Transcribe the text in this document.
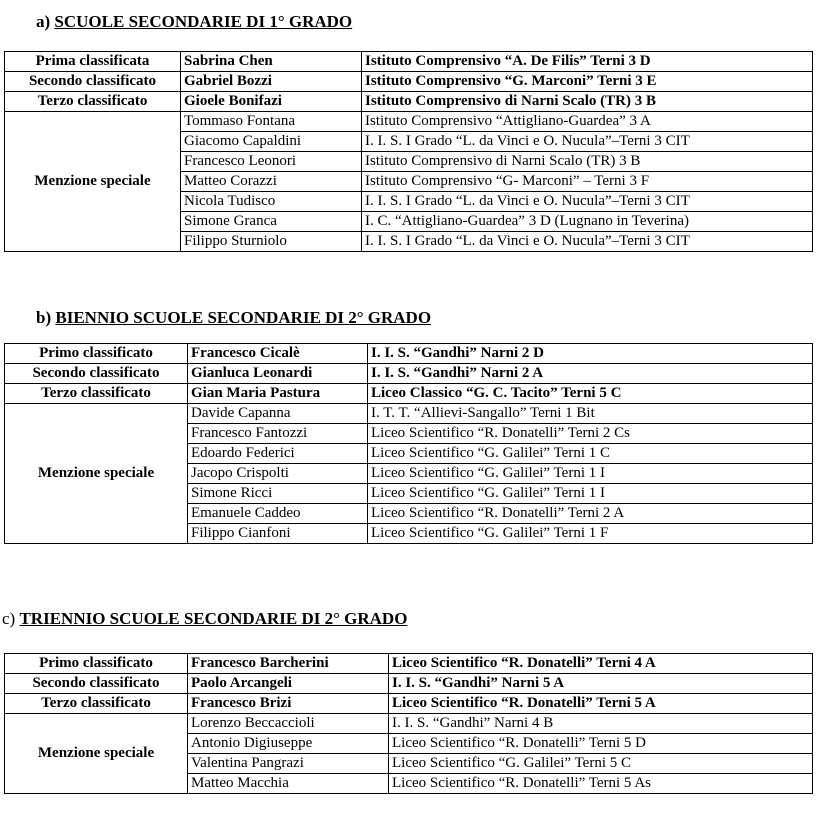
a) SCUOLE SECONDARIE DI 1° GRADO
Prima classificata	Sabrina Chen	Istituto Comprensivo “A. De Filis” Terni 3 D
Secondo classificato	Gabriel Bozzi	Istituto Comprensivo “G. Marconi” Terni 3 E
Terzo classificato	Gioele Bonifazi	Istituto Comprensivo di Narni Scalo (TR) 3 B
Menzione speciale	Tommaso Fontana	Istituto Comprensivo “Attigliano-Guardea” 3 A
	Giacomo Capaldini	I. I. S. I Grado “L. da Vinci e O. Nucula”–Terni 3 CIT
	Francesco Leonori	Istituto Comprensivo di Narni Scalo (TR) 3 B
	Matteo Corazzi	Istituto Comprensivo “G- Marconi” – Terni 3 F
	Nicola Tudisco	I. I. S. I Grado “L. da Vinci e O. Nucula”–Terni 3 CIT
	Simone Granca	I. C. “Attigliano-Guardea” 3 D (Lugnano in Teverina)
	Filippo Sturniolo	I. I. S. I Grado “L. da Vinci e O. Nucula”–Terni 3 CIT
b) BIENNIO SCUOLE SECONDARIE DI 2° GRADO
Primo classificato	Francesco Cicalè	I. I. S. “Gandhi” Narni 2 D
Secondo classificato	Gianluca Leonardi	I. I. S. “Gandhi” Narni 2 A
Terzo classificato	Gian Maria Pastura	Liceo Classico “G. C. Tacito” Terni 5 C
Menzione speciale	Davide Capanna	I. T. T. “Allievi-Sangallo” Terni 1 Bit
	Francesco Fantozzi	Liceo Scientifico “R. Donatelli” Terni 2 Cs
	Edoardo Federici	Liceo Scientifico “G. Galilei” Terni 1 C
	Jacopo Crispolti	Liceo Scientifico “G. Galilei” Terni 1 I
	Simone Ricci	Liceo Scientifico “G. Galilei” Terni 1 I
	Emanuele Caddeo	Liceo Scientifico “R. Donatelli” Terni 2 A
	Filippo Cianfoni	Liceo Scientifico “G. Galilei” Terni 1 F
c) TRIENNIO SCUOLE SECONDARIE DI 2° GRADO
Primo classificato	Francesco Barcherini	Liceo Scientifico “R. Donatelli” Terni 4 A
Secondo classificato	Paolo Arcangeli	I. I. S. “Gandhi” Narni 5 A
Terzo classificato	Francesco Brizi	Liceo Scientifico “R. Donatelli” Terni 5 A
Menzione speciale	Lorenzo Beccaccioli	I. I. S. “Gandhi” Narni 4 B
	Antonio Digiuseppe	Liceo Scientifico “R. Donatelli” Terni 5 D
	Valentina Pangrazi	Liceo Scientifico “G. Galilei” Terni 5 C
	Matteo Macchia	Liceo Scientifico “R. Donatelli” Terni 5 As
